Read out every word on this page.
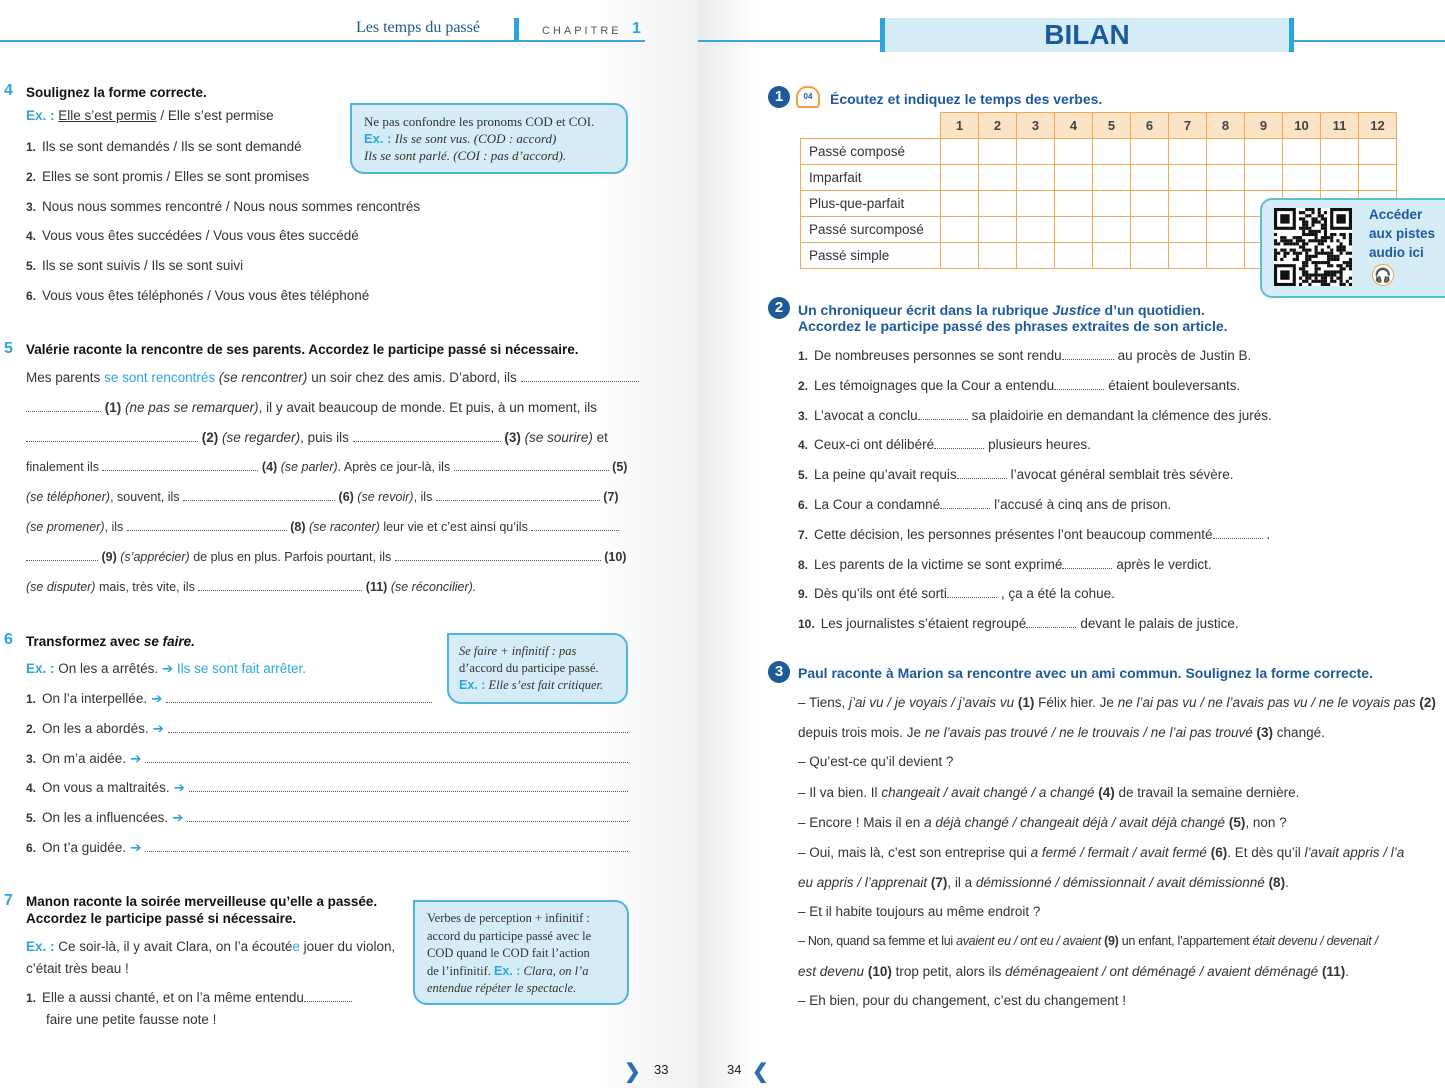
Les temps du passé	CHAPITRE 1
4 Soulignez la forme correcte.
Ex. : Elle s’est permis / Elle s’est permise
1. Ils se sont demandés / Ils se sont demandé
2. Elles se sont promis / Elles se sont promises
3. Nous nous sommes rencontré / Nous nous sommes rencontrés
4. Vous vous êtes succédées / Vous vous êtes succédé
5. Ils se sont suivis / Ils se sont suivi
6. Vous vous êtes téléphonés / Vous vous êtes téléphoné
Ne pas confondre les pronoms COD et COI.
Ex. : Ils se sont vus. (COD : accord)
Ils se sont parlé. (COI : pas d’accord).
5 Valérie raconte la rencontre de ses parents. Accordez le participe passé si nécessaire.
Mes parents se sont rencontrés (se rencontrer) un soir chez des amis. D’abord, ils
(1) (ne pas se remarquer), il y avait beaucoup de monde. Et puis, à un moment, ils
(2) (se regarder), puis ils	(3) (se sourire) et
finalement ils	(4) (se parler). Après ce jour-là, ils	(5)
(se téléphoner), souvent, ils	(6) (se revoir), ils	(7)
(se promener), ils	(8) (se raconter) leur vie et c’est ainsi qu’ils
(9) (s’apprécier) de plus en plus. Parfois pourtant, ils	(10)
(se disputer) mais, très vite, ils	(11) (se réconcilier).
6 Transformez avec se faire.
Ex. : On les a arrêtés. ➔ Ils se sont fait arrêter.
1. On l’a interpellée. ➔
2. On les a abordés. ➔
3. On m’a aidée. ➔
4. On vous a maltraités. ➔
5. On les a influencées. ➔
6. On t’a guidée. ➔
Se faire + infinitif : pas
d’accord du participe passé.
Ex. : Elle s’est fait critiquer.
7 Manon raconte la soirée merveilleuse qu’elle a passée.
Accordez le participe passé si nécessaire.
Ex. : Ce soir-là, il y avait Clara, on l’a écoutée jouer du violon,
c’était très beau !
1. Elle a aussi chanté, et on l’a même entendu
faire une petite fausse note !
Verbes de perception + infinitif :
accord du participe passé avec le
COD quand le COD fait l’action
de l’infinitif. Ex. : Clara, on l’a
entendue répéter le spectacle.
❯ 33
BILAN
1	04	Écoutez et indiquez le temps des verbes.
	1	2	3	4	5	6	7	8	9	10	11	12
Passé composé												
Imparfait												
Plus-que-parfait												
Passé surcomposé												
Passé simple												
Accéder
aux pistes
audio ici
🎧
2	Un chroniqueur écrit dans la rubrique Justice d’un quotidien.
Accordez le participe passé des phrases extraites de son article.
1. De nombreuses personnes se sont rendu	au procès de Justin B.
2. Les témoignages que la Cour a entendu	étaient bouleversants.
3. L’avocat a conclu	sa plaidoirie en demandant la clémence des jurés.
4. Ceux-ci ont délibéré	plusieurs heures.
5. La peine qu’avait requis	l’avocat général semblait très sévère.
6. La Cour a condamné	l’accusé à cinq ans de prison.
7. Cette décision, les personnes présentes l’ont beaucoup commenté	.
8. Les parents de la victime se sont exprimé	après le verdict.
9. Dès qu’ils ont été sorti	, ça a été la cohue.
10. Les journalistes s’étaient regroupé	devant le palais de justice.
3	Paul raconte à Marion sa rencontre avec un ami commun. Soulignez la forme correcte.
– Tiens, j’ai vu / je voyais / j’avais vu (1) Félix hier. Je ne l’ai pas vu / ne l’avais pas vu / ne le voyais pas (2)
depuis trois mois. Je ne l’avais pas trouvé / ne le trouvais / ne l’ai pas trouvé (3) changé.
– Qu’est-ce qu’il devient ?
– Il va bien. Il changeait / avait changé / a changé (4) de travail la semaine dernière.
– Encore ! Mais il en a déjà changé / changeait déjà / avait déjà changé (5), non ?
– Oui, mais là, c’est son entreprise qui a fermé / fermait / avait fermé (6). Et dès qu’il l’avait appris / l’a
eu appris / l’apprenait (7), il a démissionné / démissionnait / avait démissionné (8).
– Et il habite toujours au même endroit ?
– Non, quand sa femme et lui avaient eu / ont eu / avaient (9) un enfant, l’appartement était devenu / devenait /
est devenu (10) trop petit, alors ils déménageaient / ont déménagé / avaient déménagé (11).
– Eh bien, pour du changement, c’est du changement !
34 ❮
